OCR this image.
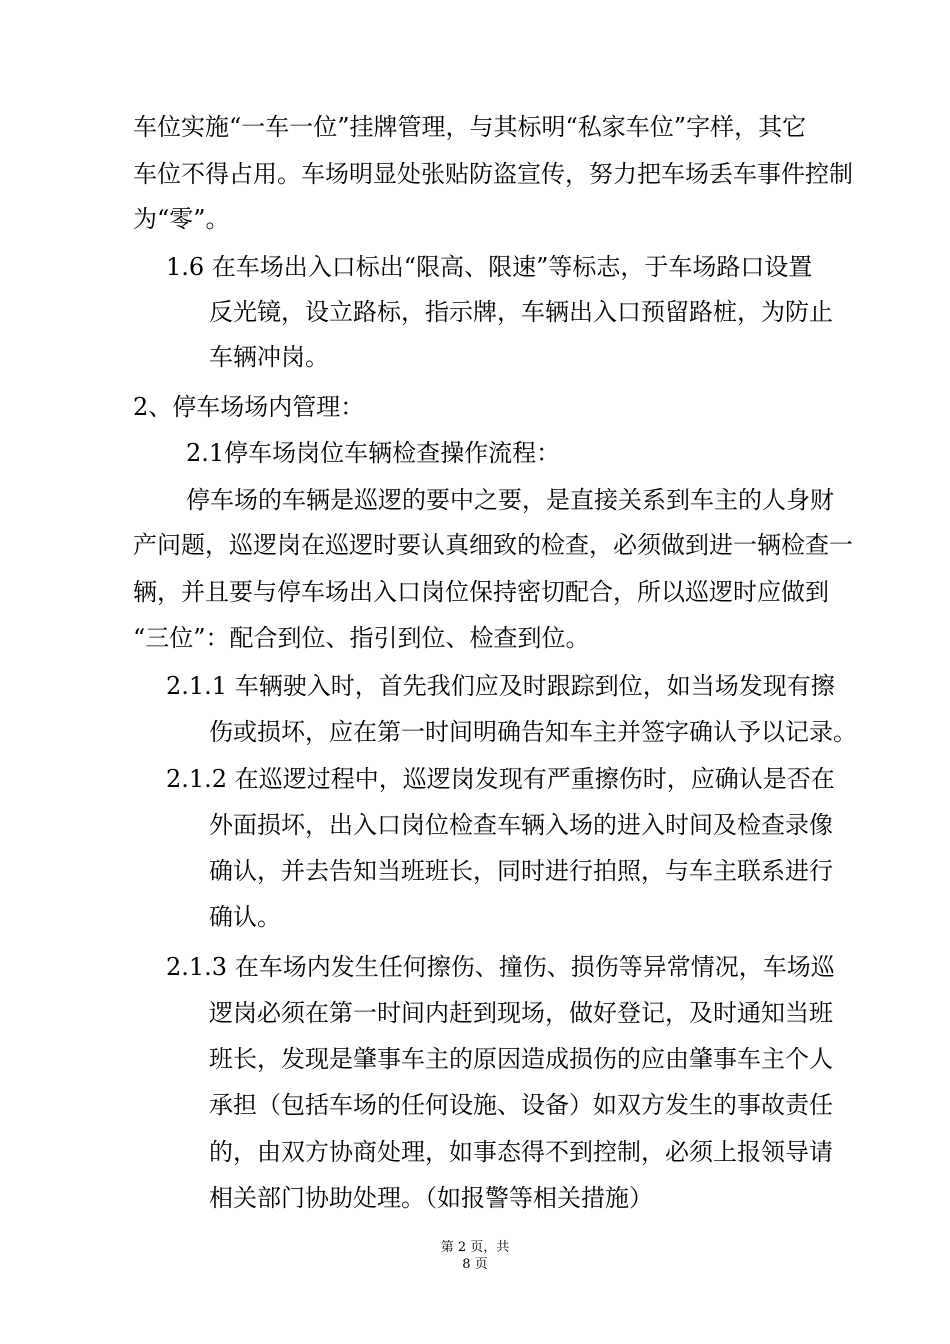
车位实施“一车一位”挂牌管理，与其标明“私家车位”字样，其它

车位不得占用。车场明显处张贴防盗宣传，努力把车场丢车事件控制

为“零”。

1.6 在车场出入口标出“限高、限速”等标志，于车场路口设置

反光镜，设立路标，指示牌，车辆出入口预留路桩，为防止

车辆冲岗。

2、停车场场内管理：

2.1停车场岗位车辆检查操作流程：

停车场的车辆是巡逻的要中之要，是直接关系到车主的人身财

产问题，巡逻岗在巡逻时要认真细致的检查，必须做到进一辆检查一

辆，并且要与停车场出入口岗位保持密切配合，所以巡逻时应做到

“三位”：配合到位、指引到位、检查到位。

2.1.1 车辆驶入时，首先我们应及时跟踪到位，如当场发现有擦

伤或损坏，应在第一时间明确告知车主并签字确认予以记录。

2.1.2 在巡逻过程中，巡逻岗发现有严重擦伤时，应确认是否在

外面损坏，出入口岗位检查车辆入场的进入时间及检查录像

确认，并去告知当班班长，同时进行拍照，与车主联系进行

确认。

2.1.3 在车场内发生任何擦伤、撞伤、损伤等异常情况，车场巡

逻岗必须在第一时间内赶到现场，做好登记，及时通知当班

班长，发现是肇事车主的原因造成损伤的应由肇事车主个人

承担（包括车场的任何设施、设备）如双方发生的事故责任

的，由双方协商处理，如事态得不到控制，必须上报领导请

相关部门协助处理。（如报警等相关措施）

第 2 页，共
8 页
